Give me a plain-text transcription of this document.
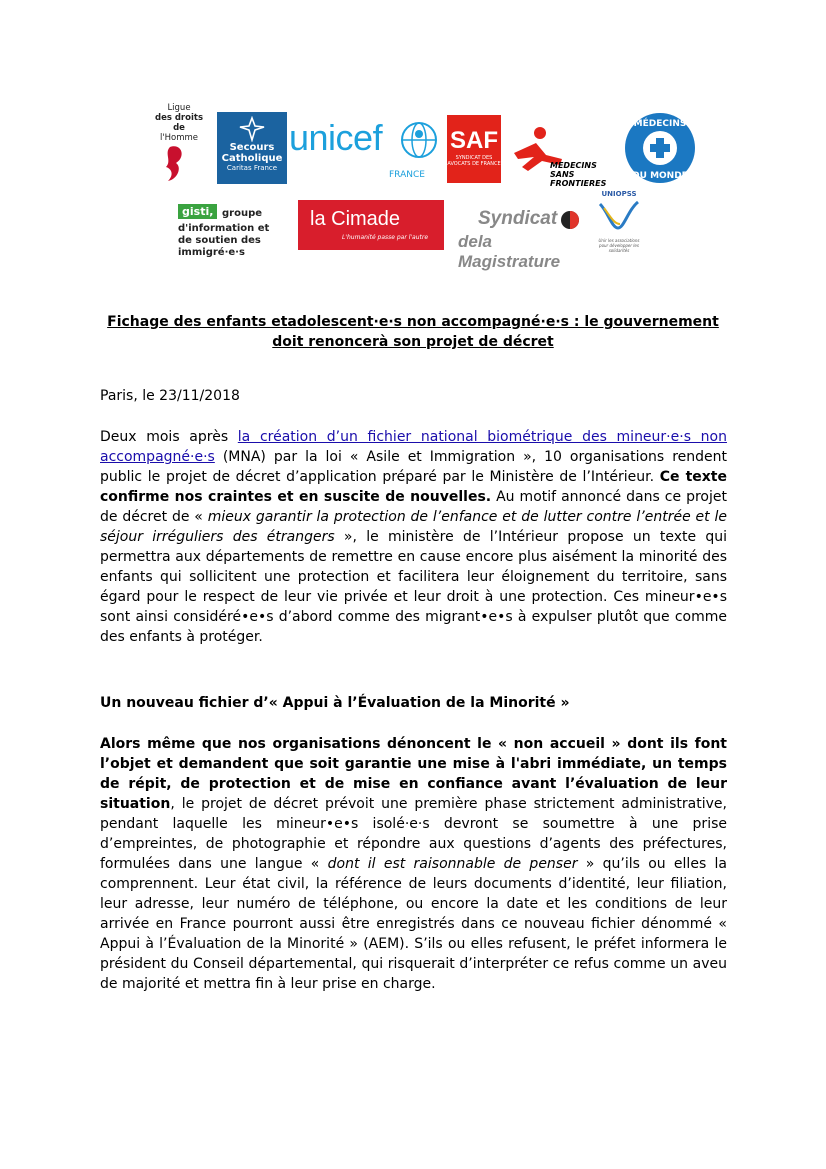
Ligue
des droits de
l'Homme
Secours
Catholique
Caritas France
unicef
FRANCE
SAF
SYNDICAT DES AVOCATS DE FRANCE	MEDECINS
SANS FRONTIERES
MÉDECINS
DU MONDE
gisti, groupe
d'information et
de soutien des
immigré·e·s
la Cimade
L'humanité passe par l'autre
Syndicat
dela Magistrature
UNIOPSS
Unir les associations pour développer les solidarités
Fichage des enfants etadolescent·e·s non accompagné·e·s : le gouvernement doit renoncerà son projet de décret

Paris, le 23/11/2018

Deux mois après la création d’un fichier national biométrique des mineur·e·s non accompagné·e·s (MNA) par la loi « Asile et Immigration », 10 organisations rendent public le projet de décret d’application préparé par le Ministère de l’Intérieur. Ce texte confirme nos craintes et en suscite de nouvelles. Au motif annoncé dans ce projet de décret de « mieux garantir la protection de l’enfance et de lutter contre l’entrée et le séjour irréguliers des étrangers », le ministère de l’Intérieur propose un texte qui permettra aux départements de remettre en cause encore plus aisément la minorité des enfants qui sollicitent une protection et facilitera leur éloignement du territoire, sans égard pour le respect de leur vie privée et leur droit à une protection. Ces mineur•e•s sont ainsi considéré•e•s d’abord comme des migrant•e•s à expulser plutôt que comme des enfants à protéger.

Un nouveau fichier d’« Appui à l’Évaluation de la Minorité »

Alors même que nos organisations dénoncent le « non accueil » dont ils font l’objet et demandent que soit garantie une mise à l'abri immédiate, un temps de répit, de protection et de mise en confiance avant l’évaluation de leur situation, le projet de décret prévoit une première phase strictement administrative, pendant laquelle les mineur•e•s isolé·e·s devront se soumettre à une prise d’empreintes, de photographie et répondre aux questions d’agents des préfectures, formulées dans une langue « dont il est raisonnable de penser » qu’ils ou elles la comprennent. Leur état civil, la référence de leurs documents d’identité, leur filiation, leur adresse, leur numéro de téléphone, ou encore la date et les conditions de leur arrivée en France pourront aussi être enregistrés dans ce nouveau fichier dénommé « Appui à l’Évaluation de la Minorité » (AEM). S’ils ou elles refusent, le préfet informera le président du Conseil départemental, qui risquerait d’interpréter ce refus comme un aveu de majorité et mettra fin à leur prise en charge.
